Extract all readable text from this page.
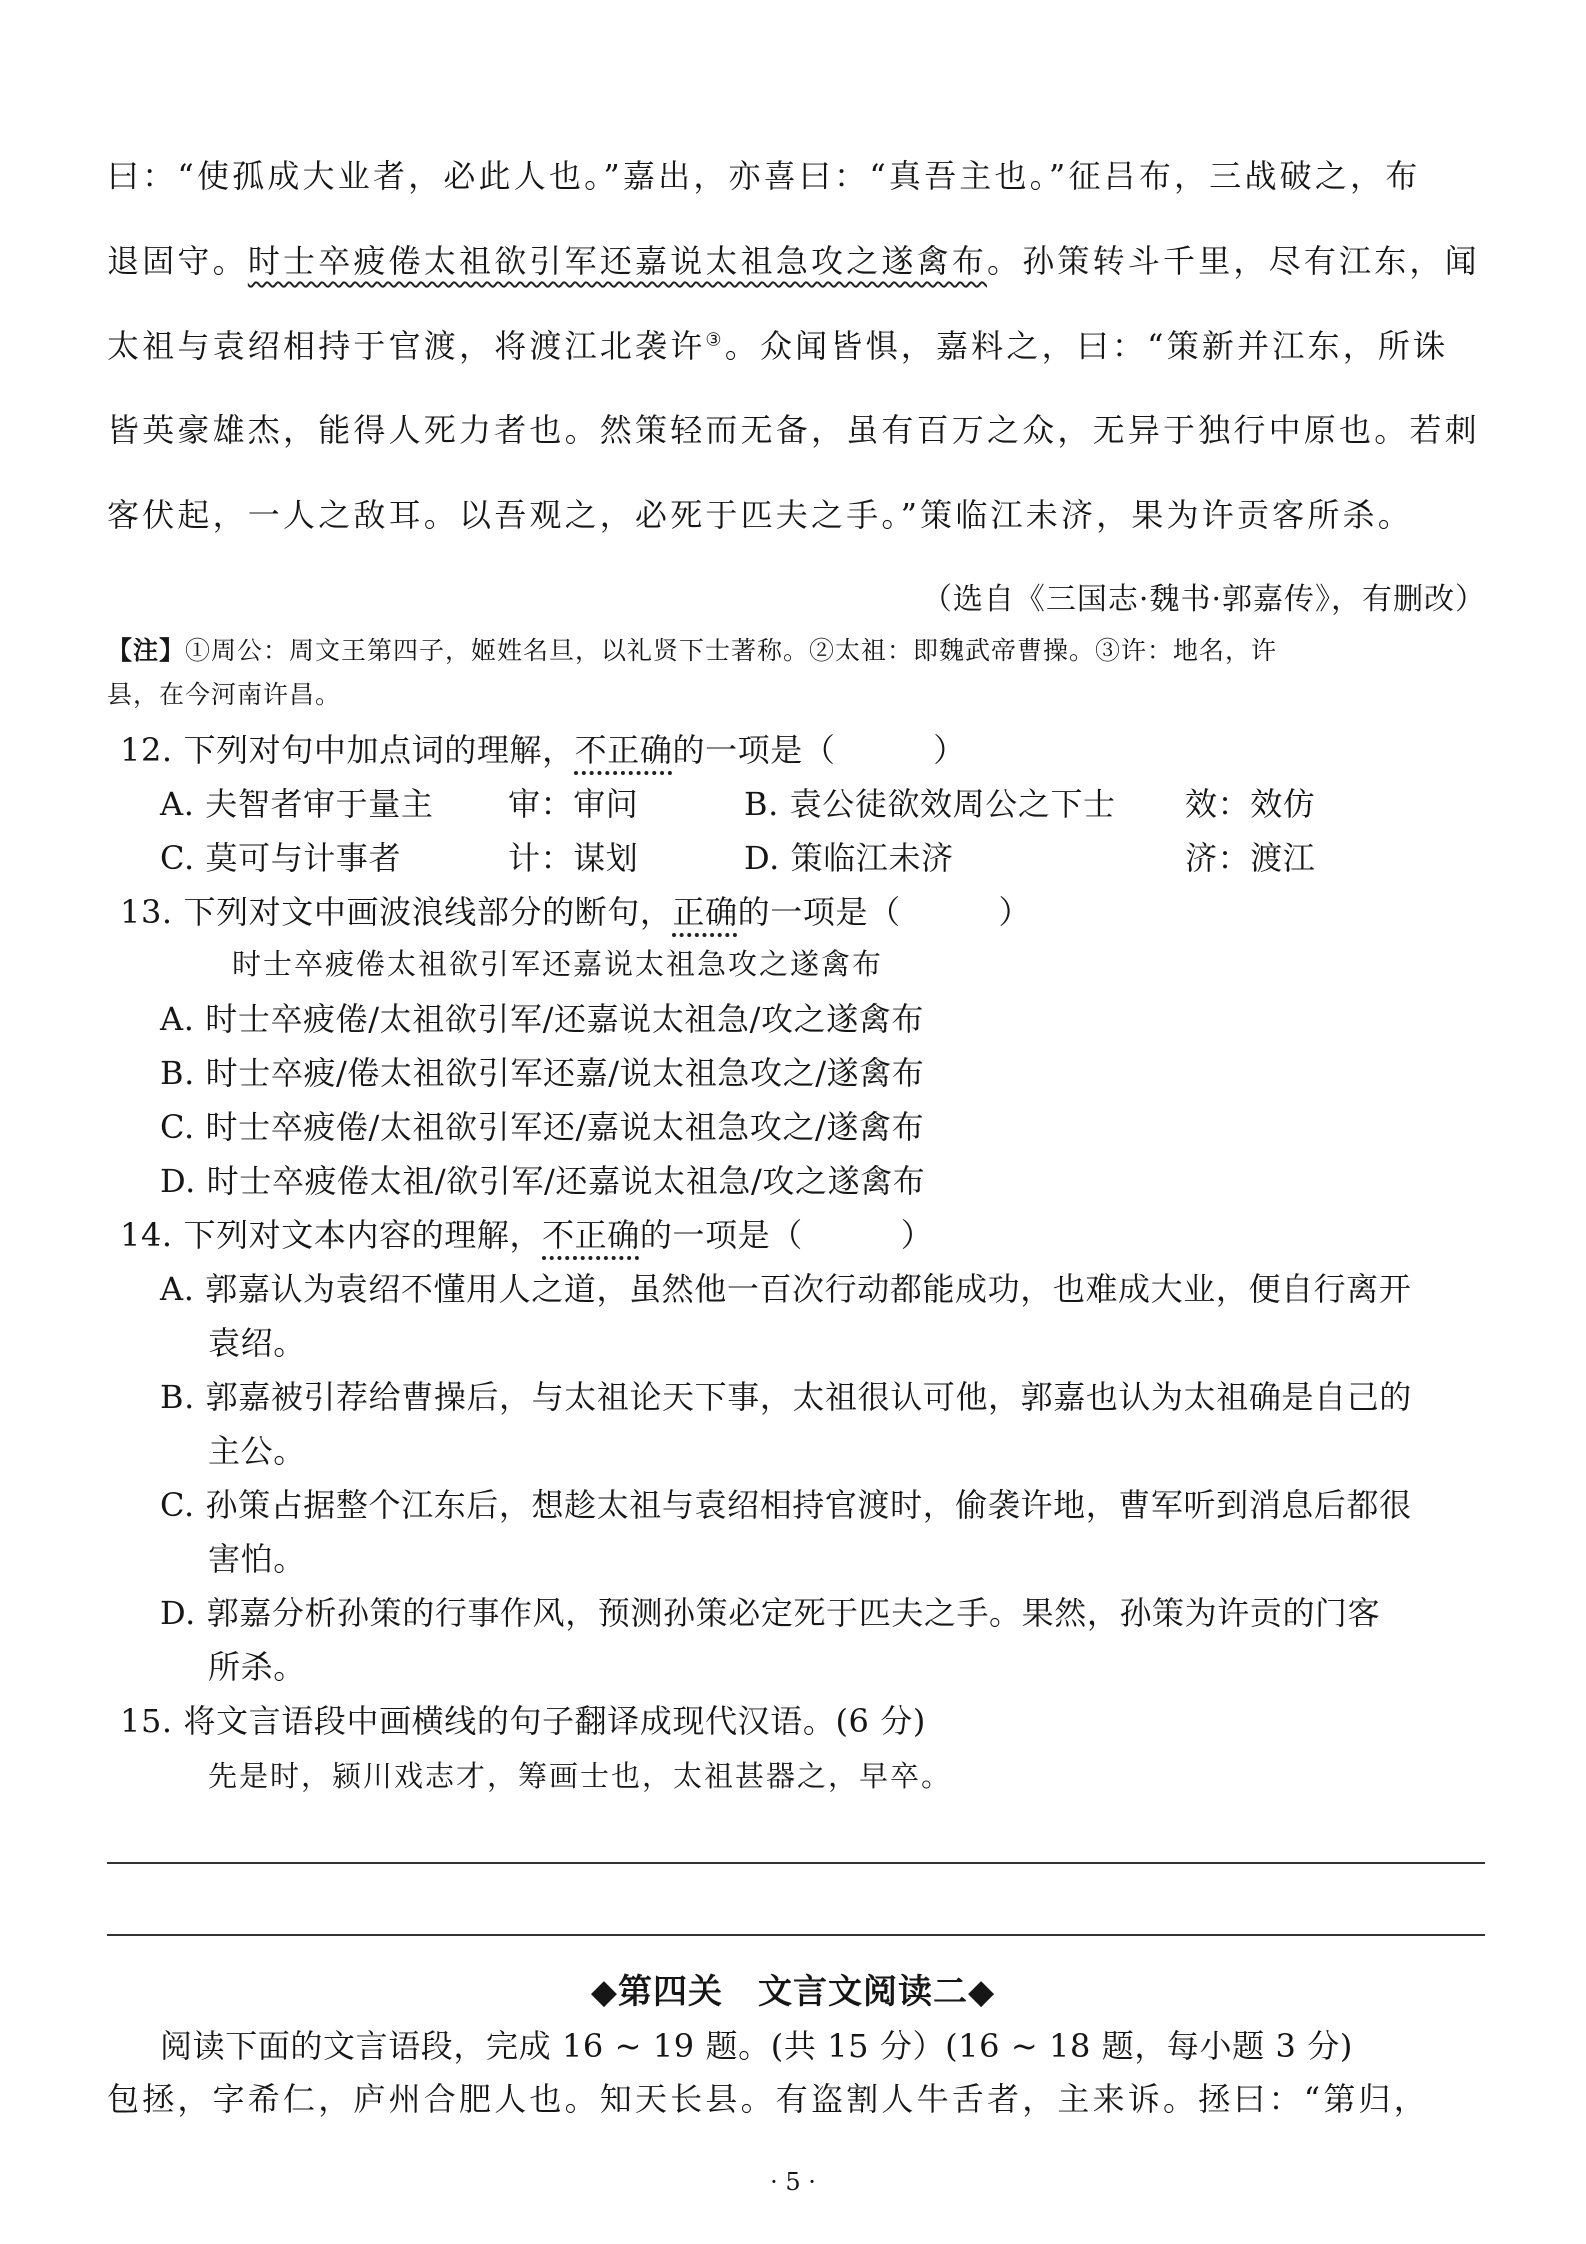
曰：“使孤成大业者，必此人也。”嘉出，亦喜曰：“真吾主也。”征吕布，三战破之，布
退固守。时士卒疲倦太祖欲引军还嘉说太祖急攻之遂禽布。孙策转斗千里，尽有江东，闻
太祖与袁绍相持于官渡，将渡江北袭许③。众闻皆惧，嘉料之，曰：“策新并江东，所诛
皆英豪雄杰，能得人死力者也。然策轻而无备，虽有百万之众，无异于独行中原也。若刺
客伏起，一人之敌耳。以吾观之，必死于匹夫之手。”策临江未济，果为许贡客所杀。
（选自《三国志·魏书·郭嘉传》，有删改）
【注】①周公：周文王第四子，姬姓名旦，以礼贤下士著称。②太祖：即魏武帝曹操。③许：地名，许
县，在今河南许昌。
12. 下列对句中加点词的理解，不正确的一项是（　　　）
A. 夫智者审于量主 审：审问	B. 袁公徒欲效周公之下士 效：效仿
C. 莫可与计事者	计：谋划	D. 策临江未济	济：渡江
13. 下列对文中画波浪线部分的断句，正确的一项是（　　　）
时士卒疲倦太祖欲引军还嘉说太祖急攻之遂禽布
A. 时士卒疲倦/太祖欲引军/还嘉说太祖急/攻之遂禽布
B. 时士卒疲/倦太祖欲引军还嘉/说太祖急攻之/遂禽布
C. 时士卒疲倦/太祖欲引军还/嘉说太祖急攻之/遂禽布
D. 时士卒疲倦太祖/欲引军/还嘉说太祖急/攻之遂禽布
14. 下列对文本内容的理解，不正确的一项是（　　　）
A. 郭嘉认为袁绍不懂用人之道，虽然他一百次行动都能成功，也难成大业，便自行离开
袁绍。
B. 郭嘉被引荐给曹操后，与太祖论天下事，太祖很认可他，郭嘉也认为太祖确是自己的
主公。
C. 孙策占据整个江东后，想趁太祖与袁绍相持官渡时，偷袭许地，曹军听到消息后都很
害怕。
D. 郭嘉分析孙策的行事作风，预测孙策必定死于匹夫之手。果然，孙策为许贡的门客
所杀。
15. 将文言语段中画横线的句子翻译成现代汉语。(6 分)
先是时，颍川戏志才，筹画士也，太祖甚器之，早卒。
◆第四关　文言文阅读二◆
阅读下面的文言语段，完成 16 ~ 19 题。(共 15 分）(16 ~ 18 题，每小题 3 分)
包拯，字希仁，庐州合肥人也。知天长县。有盗割人牛舌者，主来诉。拯曰：“第归，
· 5 ·
